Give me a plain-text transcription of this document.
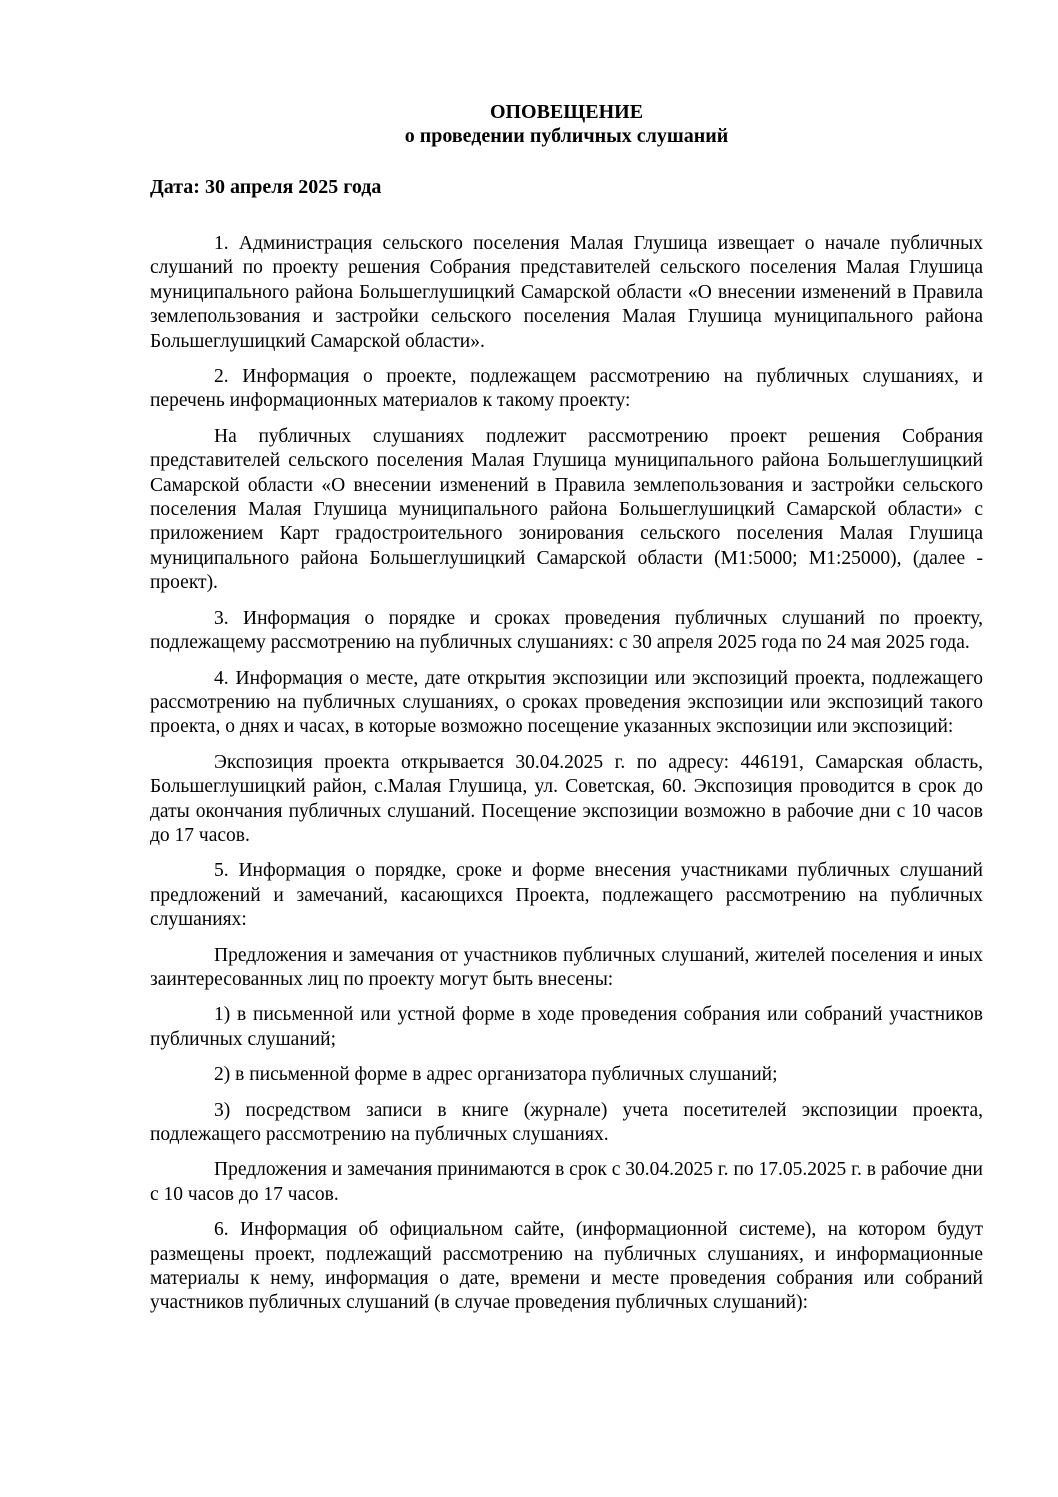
ОПОВЕЩЕНИЕ

о проведении публичных слушаний

Дата: 30 апреля 2025 года

1. Администрация сельского поселения Малая Глушица извещает о начале публичных слушаний по проекту решения Собрания представителей сельского поселения Малая Глушица муниципального района Большеглушицкий Самарской области «О внесении изменений в Правила землепользования и застройки сельского поселения Малая Глушица муниципального района Большеглушицкий Самарской области».

2. Информация о проекте, подлежащем рассмотрению на публичных слушаниях, и перечень информационных материалов к такому проекту:

На публичных слушаниях подлежит рассмотрению проект решения Собрания представителей сельского поселения Малая Глушица муниципального района Большеглушицкий Самарской области «О внесении изменений в Правила землепользования и застройки сельского поселения Малая Глушица муниципального района Большеглушицкий Самарской области» с приложением Карт градостроительного зонирования сельского поселения Малая Глушица муниципального района Большеглушицкий Самарской области (М1:5000; М1:25000), (далее - проект).

3. Информация о порядке и сроках проведения публичных слушаний по проекту, подлежащему рассмотрению на публичных слушаниях: с 30 апреля 2025 года по 24 мая 2025 года.

4. Информация о месте, дате открытия экспозиции или экспозиций проекта, подлежащего рассмотрению на публичных слушаниях, о сроках проведения экспозиции или экспозиций такого проекта, о днях и часах, в которые возможно посещение указанных экспозиции или экспозиций:

Экспозиция проекта открывается 30.04.2025 г. по адресу: 446191, Самарская область, Большеглушицкий район, с.Малая Глушица, ул. Советская, 60. Экспозиция проводится в срок до даты окончания публичных слушаний. Посещение экспозиции возможно в рабочие дни с 10 часов до 17 часов.

5. Информация о порядке, сроке и форме внесения участниками публичных слушаний предложений и замечаний, касающихся Проекта, подлежащего рассмотрению на публичных слушаниях:

Предложения и замечания от участников публичных слушаний, жителей поселения и иных заинтересованных лиц по проекту могут быть внесены:

1) в письменной или устной форме в ходе проведения собрания или собраний участников публичных слушаний;

2) в письменной форме в адрес организатора публичных слушаний;

3) посредством записи в книге (журнале) учета посетителей экспозиции проекта, подлежащего рассмотрению на публичных слушаниях.

Предложения и замечания принимаются в срок с 30.04.2025 г. по 17.05.2025 г. в рабочие дни с 10 часов до 17 часов.

6. Информация об официальном сайте, (информационной системе), на котором будут размещены проект, подлежащий рассмотрению на публичных слушаниях, и информационные материалы к нему, информация о дате, времени и месте проведения собрания или собраний участников публичных слушаний (в случае проведения публичных слушаний):
